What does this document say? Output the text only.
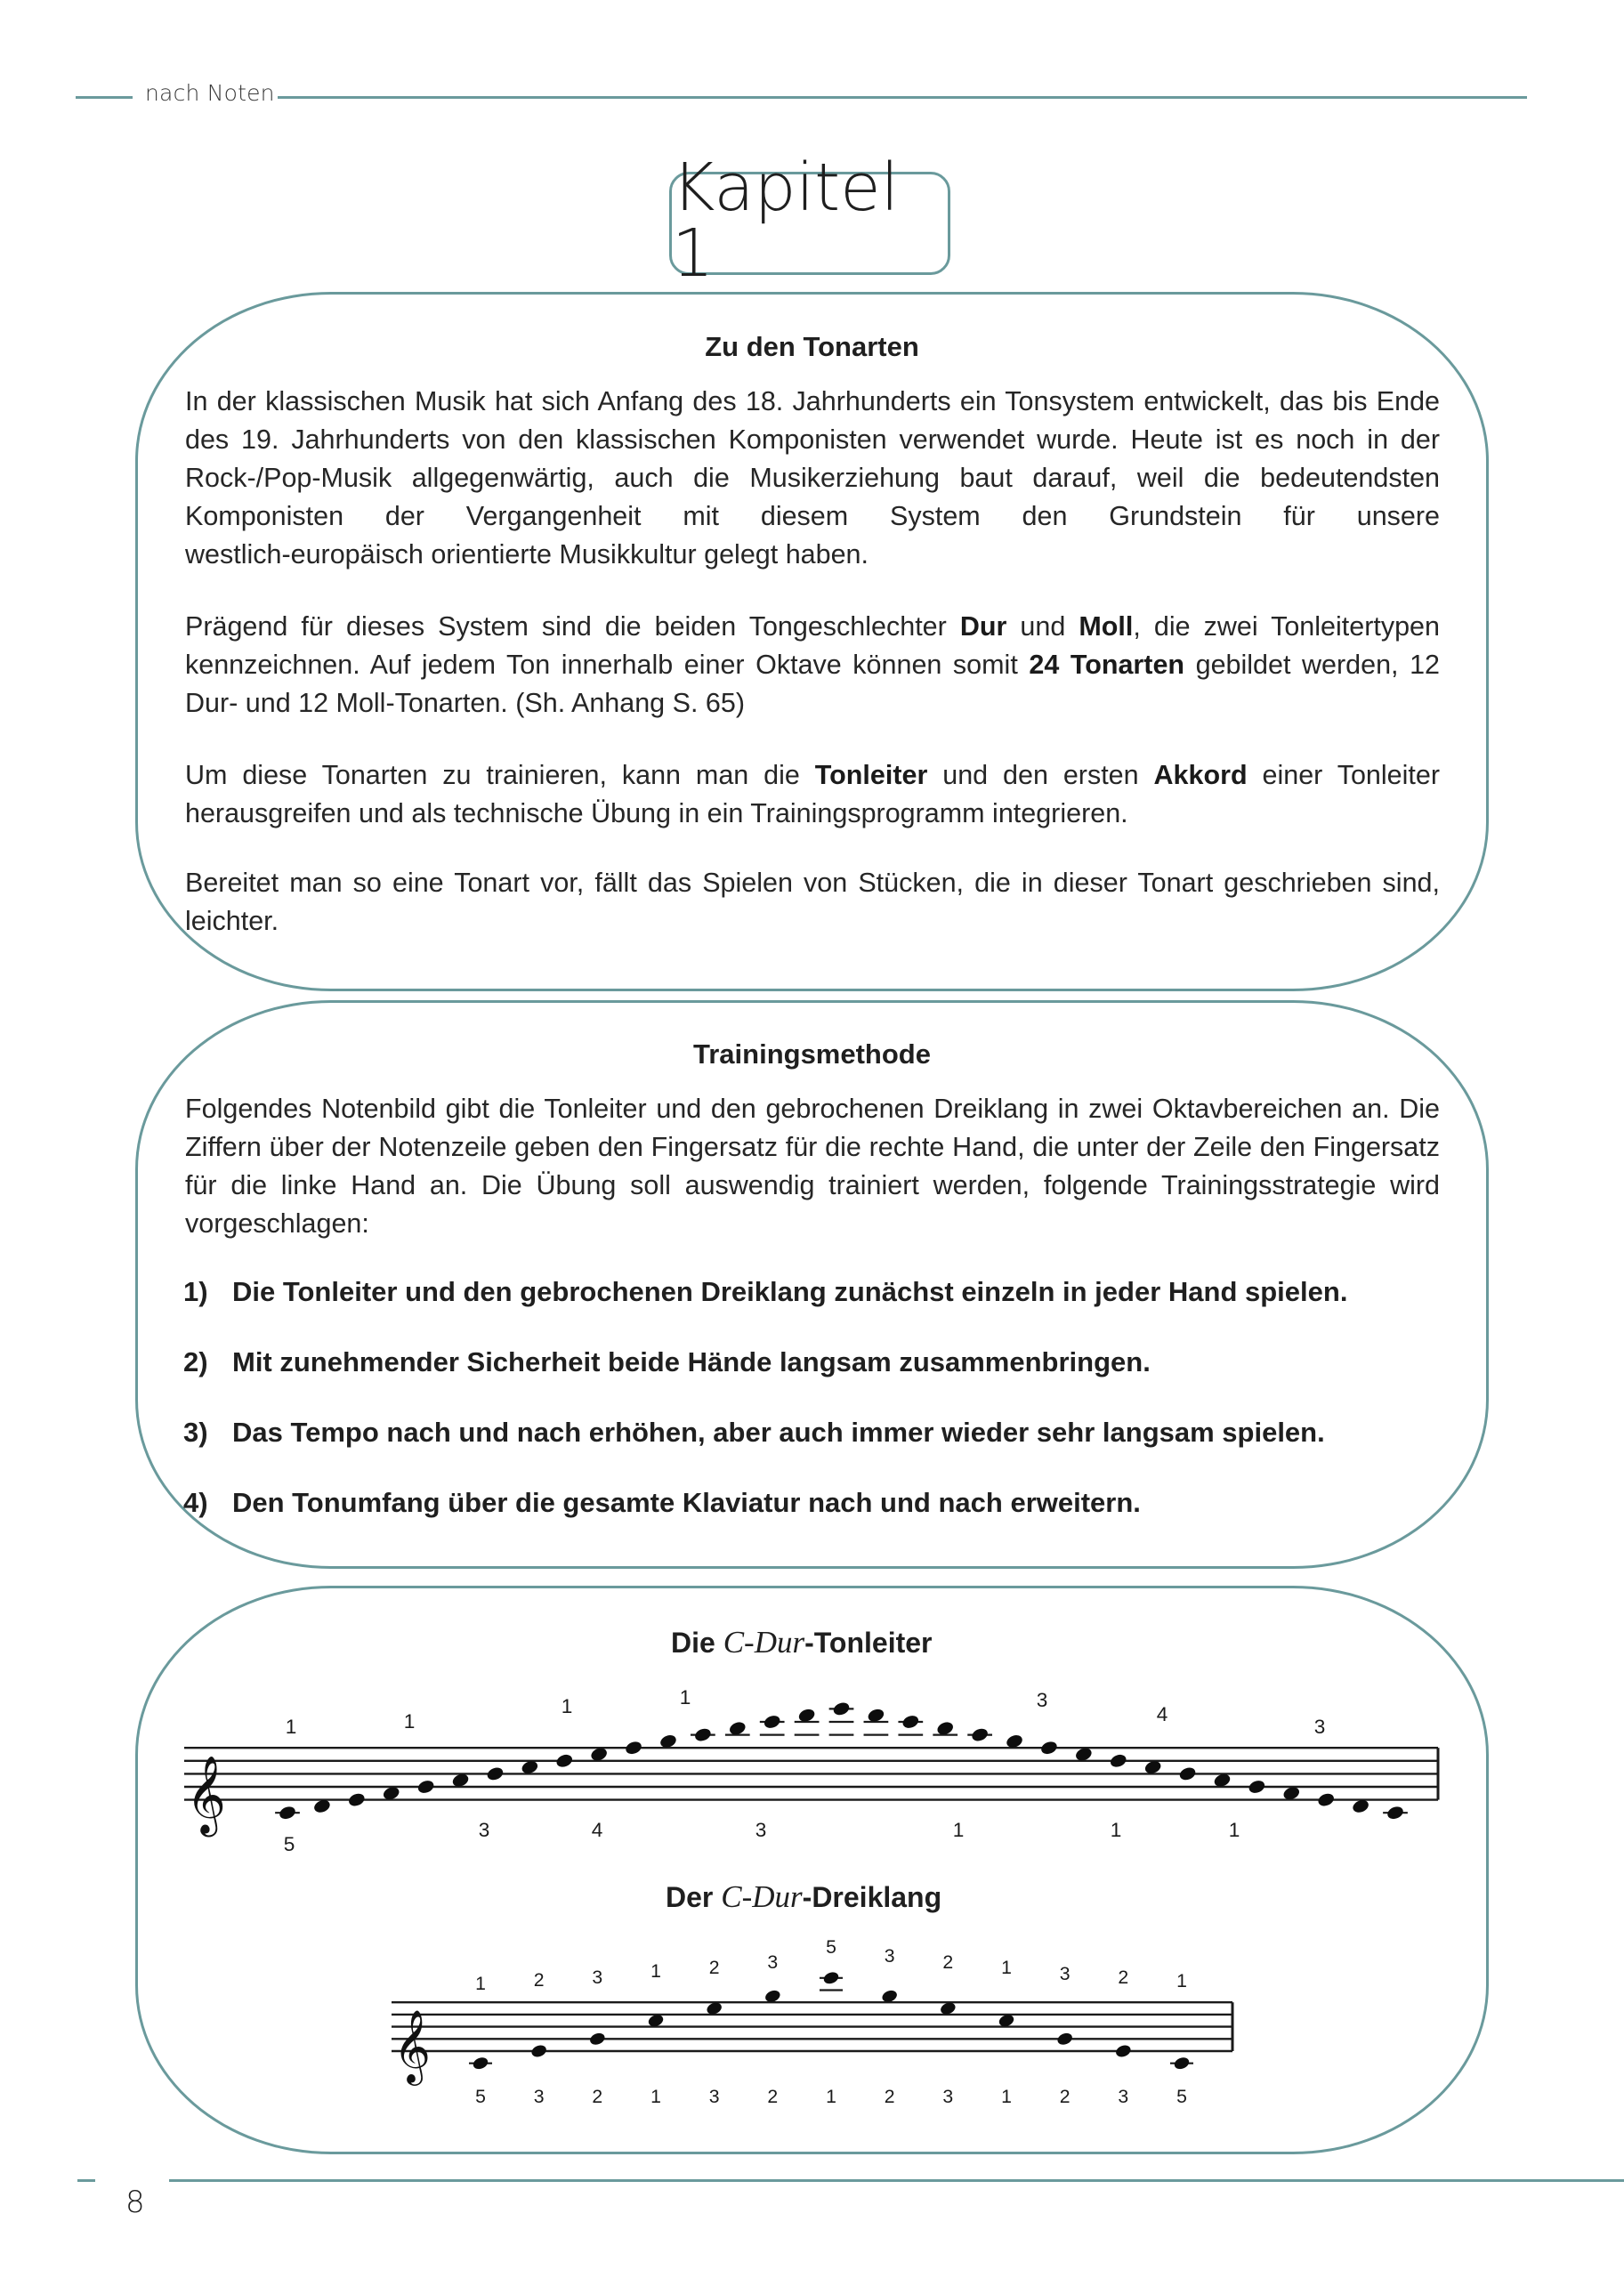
nach Noten
Kapitel 1
Zu den Tonarten
In der klassischen Musik hat sich Anfang des 18. Jahrhunderts ein Tonsystem entwickelt, das bis Ende des 19. Jahrhunderts von den klassischen Komponisten verwendet wurde. Heute ist es noch in der Rock-/Pop-Musik allgegenwärtig, auch die Musikerziehung baut darauf, weil die bedeutendsten Komponisten der Vergangenheit mit diesem System den Grundstein für unsere westlich-europäisch orientierte Musikkultur gelegt haben.
Prägend für dieses System sind die beiden Tongeschlechter Dur und Moll, die zwei Tonleitertypen kennzeichnen. Auf jedem Ton innerhalb einer Oktave können somit 24 Tonarten gebildet werden, 12 Dur- und 12 Moll-Tonarten. (Sh. Anhang S. 65)
Um diese Tonarten zu trainieren, kann man die Tonleiter und den ersten Akkord einer Tonleiter herausgreifen und als technische Übung in ein Trainingsprogramm integrieren.
Bereitet man so eine Tonart vor, fällt das Spielen von Stücken, die in dieser Tonart geschrieben sind, leichter.
Trainingsmethode
Folgendes Notenbild gibt die Tonleiter und den gebrochenen Dreiklang in zwei Oktavbereichen an. Die Ziffern über der Notenzeile geben den Fingersatz für die rechte Hand, die unter der Zeile den Fingersatz für die linke Hand an. Die Übung soll auswendig trainiert werden, folgende Trainingsstrategie wird vorgeschlagen:
1) Die Tonleiter und den gebrochenen Dreiklang zunächst einzeln in jeder Hand spielen.
2) Mit zunehmender Sicherheit beide Hände langsam zusammenbringen.
3) Das Tempo nach und nach erhöhen, aber auch immer wieder sehr langsam spielen.
4) Den Tonumfang über die gesamte Klaviatur nach und nach erweitern.
Die C-Dur-Tonleiter
𝄞
1	1
1	1	3
4
3
5
3	4	3	1	1	1
Der C-Dur-Dreiklang
𝄞
1	2	3	1	2	3
5	3	2	1	3	2	1
5	3	2	1	3	2	1	2	3	1	2	3	5
8
